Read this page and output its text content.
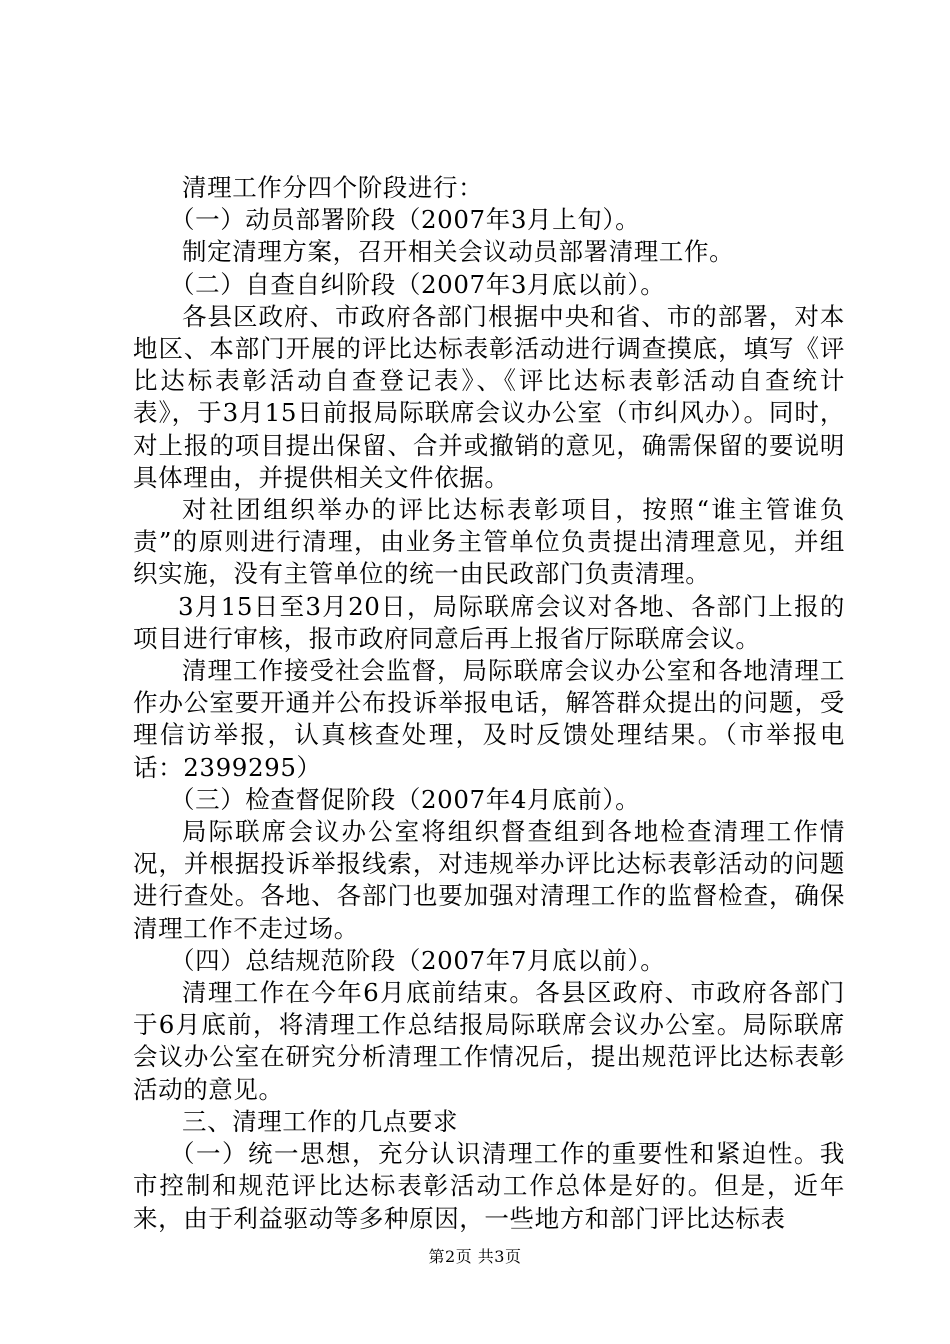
清理工作分四个阶段进行：

（一）动员部署阶段（2007年3月上旬）。

制定清理方案，召开相关会议动员部署清理工作。

（二）自查自纠阶段（2007年3月底以前）。

各县区政府、市政府各部门根据中央和省、市的部署，对本地区、本部门开展的评比达标表彰活动进行调查摸底，填写《评比达标表彰活动自查登记表》、《评比达标表彰活动自查统计表》，于3月15日前报局际联席会议办公室（市纠风办）。同时，对上报的项目提出保留、合并或撤销的意见，确需保留的要说明具体理由，并提供相关文件依据。

对社团组织举办的评比达标表彰项目，按照“谁主管谁负责”的原则进行清理，由业务主管单位负责提出清理意见，并组织实施，没有主管单位的统一由民政部门负责清理。

3月15日至3月20日，局际联席会议对各地、各部门上报的项目进行审核，报市政府同意后再上报省厅际联席会议。

清理工作接受社会监督，局际联席会议办公室和各地清理工作办公室要开通并公布投诉举报电话，解答群众提出的问题，受理信访举报，认真核查处理，及时反馈处理结果。（市举报电话：2399295）

（三）检查督促阶段（2007年4月底前）。

局际联席会议办公室将组织督查组到各地检查清理工作情况，并根据投诉举报线索，对违规举办评比达标表彰活动的问题进行查处。各地、各部门也要加强对清理工作的监督检查，确保清理工作不走过场。

（四）总结规范阶段（2007年7月底以前）。

清理工作在今年6月底前结束。各县区政府、市政府各部门于6月底前，将清理工作总结报局际联席会议办公室。局际联席会议办公室在研究分析清理工作情况后，提出规范评比达标表彰活动的意见。

三、清理工作的几点要求

（一）统一思想，充分认识清理工作的重要性和紧迫性。我市控制和规范评比达标表彰活动工作总体是好的。但是，近年来，由于利益驱动等多种原因，一些地方和部门评比达标表

第2页 共3页
